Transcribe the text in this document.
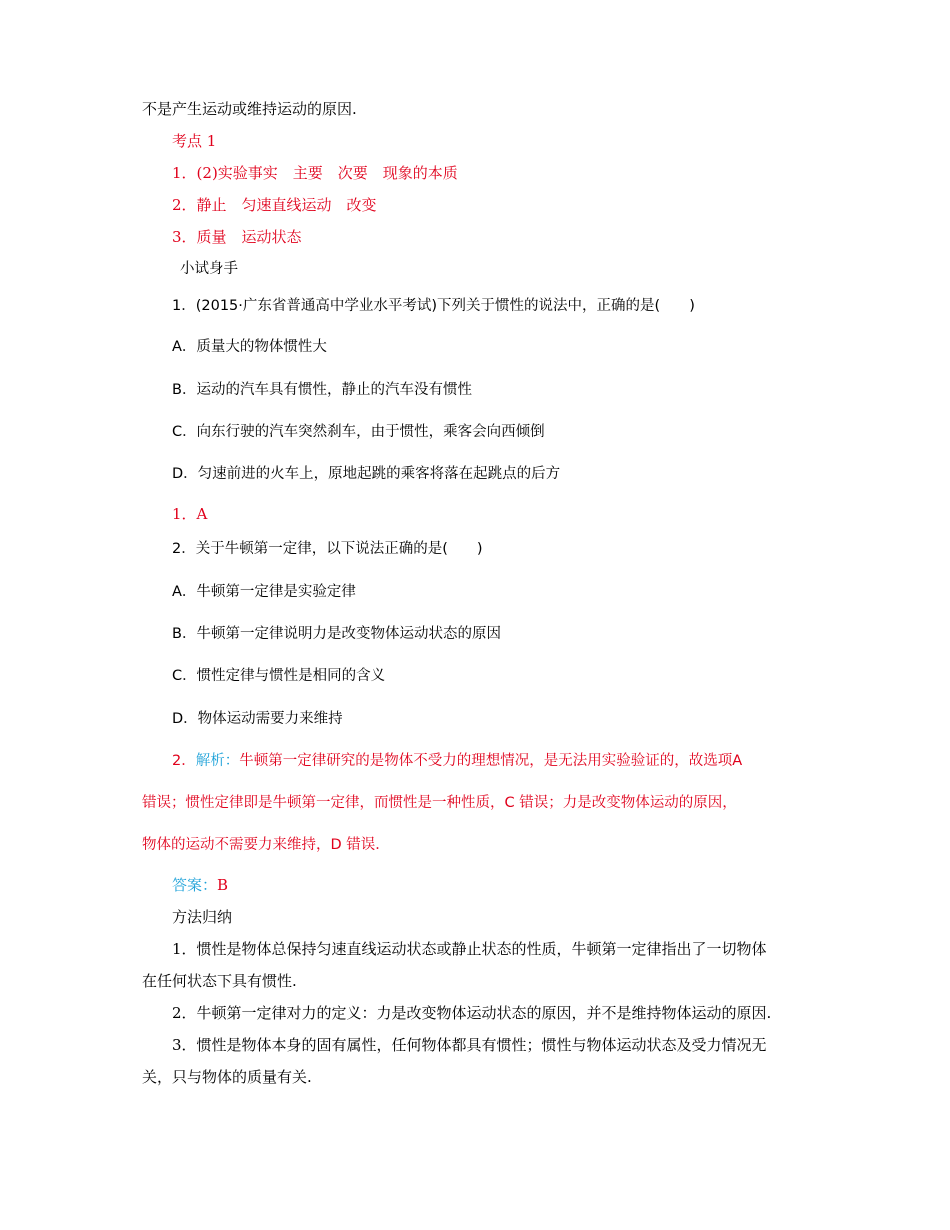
不是产生运动或维持运动的原因.
考点 1
1．(2)实验事实　主要　次要　现象的本质
2．静止　匀速直线运动　改变
3．质量　运动状态
小试身手
1．(2015·广东省普通高中学业水平考试)下列关于惯性的说法中，正确的是(　　)
A．质量大的物体惯性大
B．运动的汽车具有惯性，静止的汽车没有惯性
C．向东行驶的汽车突然刹车，由于惯性，乘客会向西倾倒
D．匀速前进的火车上，原地起跳的乘客将落在起跳点的后方
1．A
2．关于牛顿第一定律，以下说法正确的是(　　)
A．牛顿第一定律是实验定律
B．牛顿第一定律说明力是改变物体运动状态的原因
C．惯性定律与惯性是相同的含义
D．物体运动需要力来维持
2．解析：牛顿第一定律研究的是物体不受力的理想情况，是无法用实验验证的，故选项A
错误；惯性定律即是牛顿第一定律，而惯性是一种性质，C 错误；力是改变物体运动的原因，
物体的运动不需要力来维持，D 错误．
答案：B
方法归纳
1．惯性是物体总保持匀速直线运动状态或静止状态的性质，牛顿第一定律指出了一切物体
在任何状态下具有惯性.
2．牛顿第一定律对力的定义：力是改变物体运动状态的原因，并不是维持物体运动的原因.
3．惯性是物体本身的固有属性，任何物体都具有惯性；惯性与物体运动状态及受力情况无
关，只与物体的质量有关.
